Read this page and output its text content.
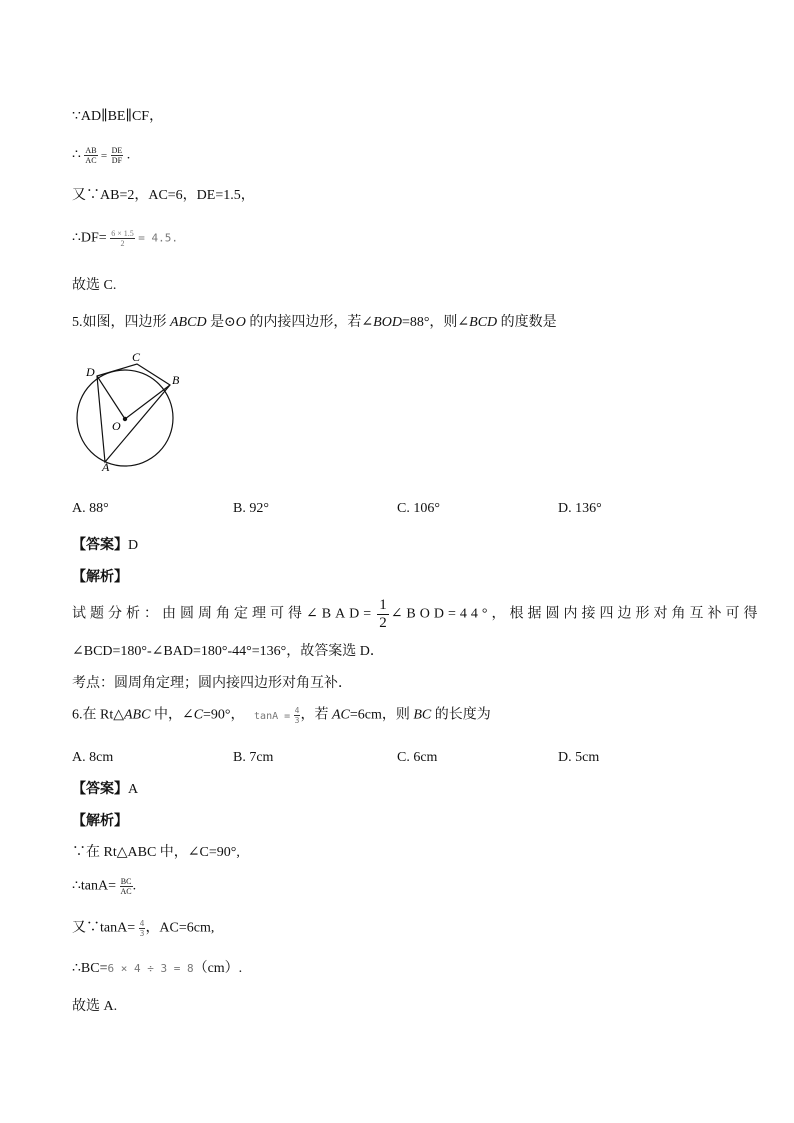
∵AD∥BE∥CF，
∴ $\frac{AB}{AC} = \frac{DE}{DF}$ .
又∵AB=2，AC=6，DE=1.5，
∴DF= $\frac{6 \times 1.5}{2} = 4.5$.
故选 C.
5.如图，四边形 ABCD 是⊙O 的内接四边形，若∠BOD=88°，则∠BCD 的度数是
D
C
B
O
A
A. 88°	B. 92°	C. 106°	D. 136°
【答案】D
【解析】
试题分析：由圆周角定理可得∠BAD= $\frac{1}{2}$ ∠BOD=44°，根据圆内接四边形对角互补可得
∠BCD=180°-∠BAD=180°-44°=136°，故答案选 D．
考点：圆周角定理；圆内接四边形对角互补．
6.在 Rt△ABC 中，∠C=90°， $\tan A = \frac{4}{3}$ ，若 AC=6cm，则 BC 的长度为
A. 8cm	B. 7cm	C. 6cm	D. 5cm
【答案】A
【解析】
∵在 Rt△ABC 中，∠C=90°,
∴tanA= $\frac{BC}{AC}$ .
又∵tanA= $\frac{4}{3}$ ，AC=6cm,
∴BC=6 × 4 ÷ 3 = 8（cm）.
故选 A.
